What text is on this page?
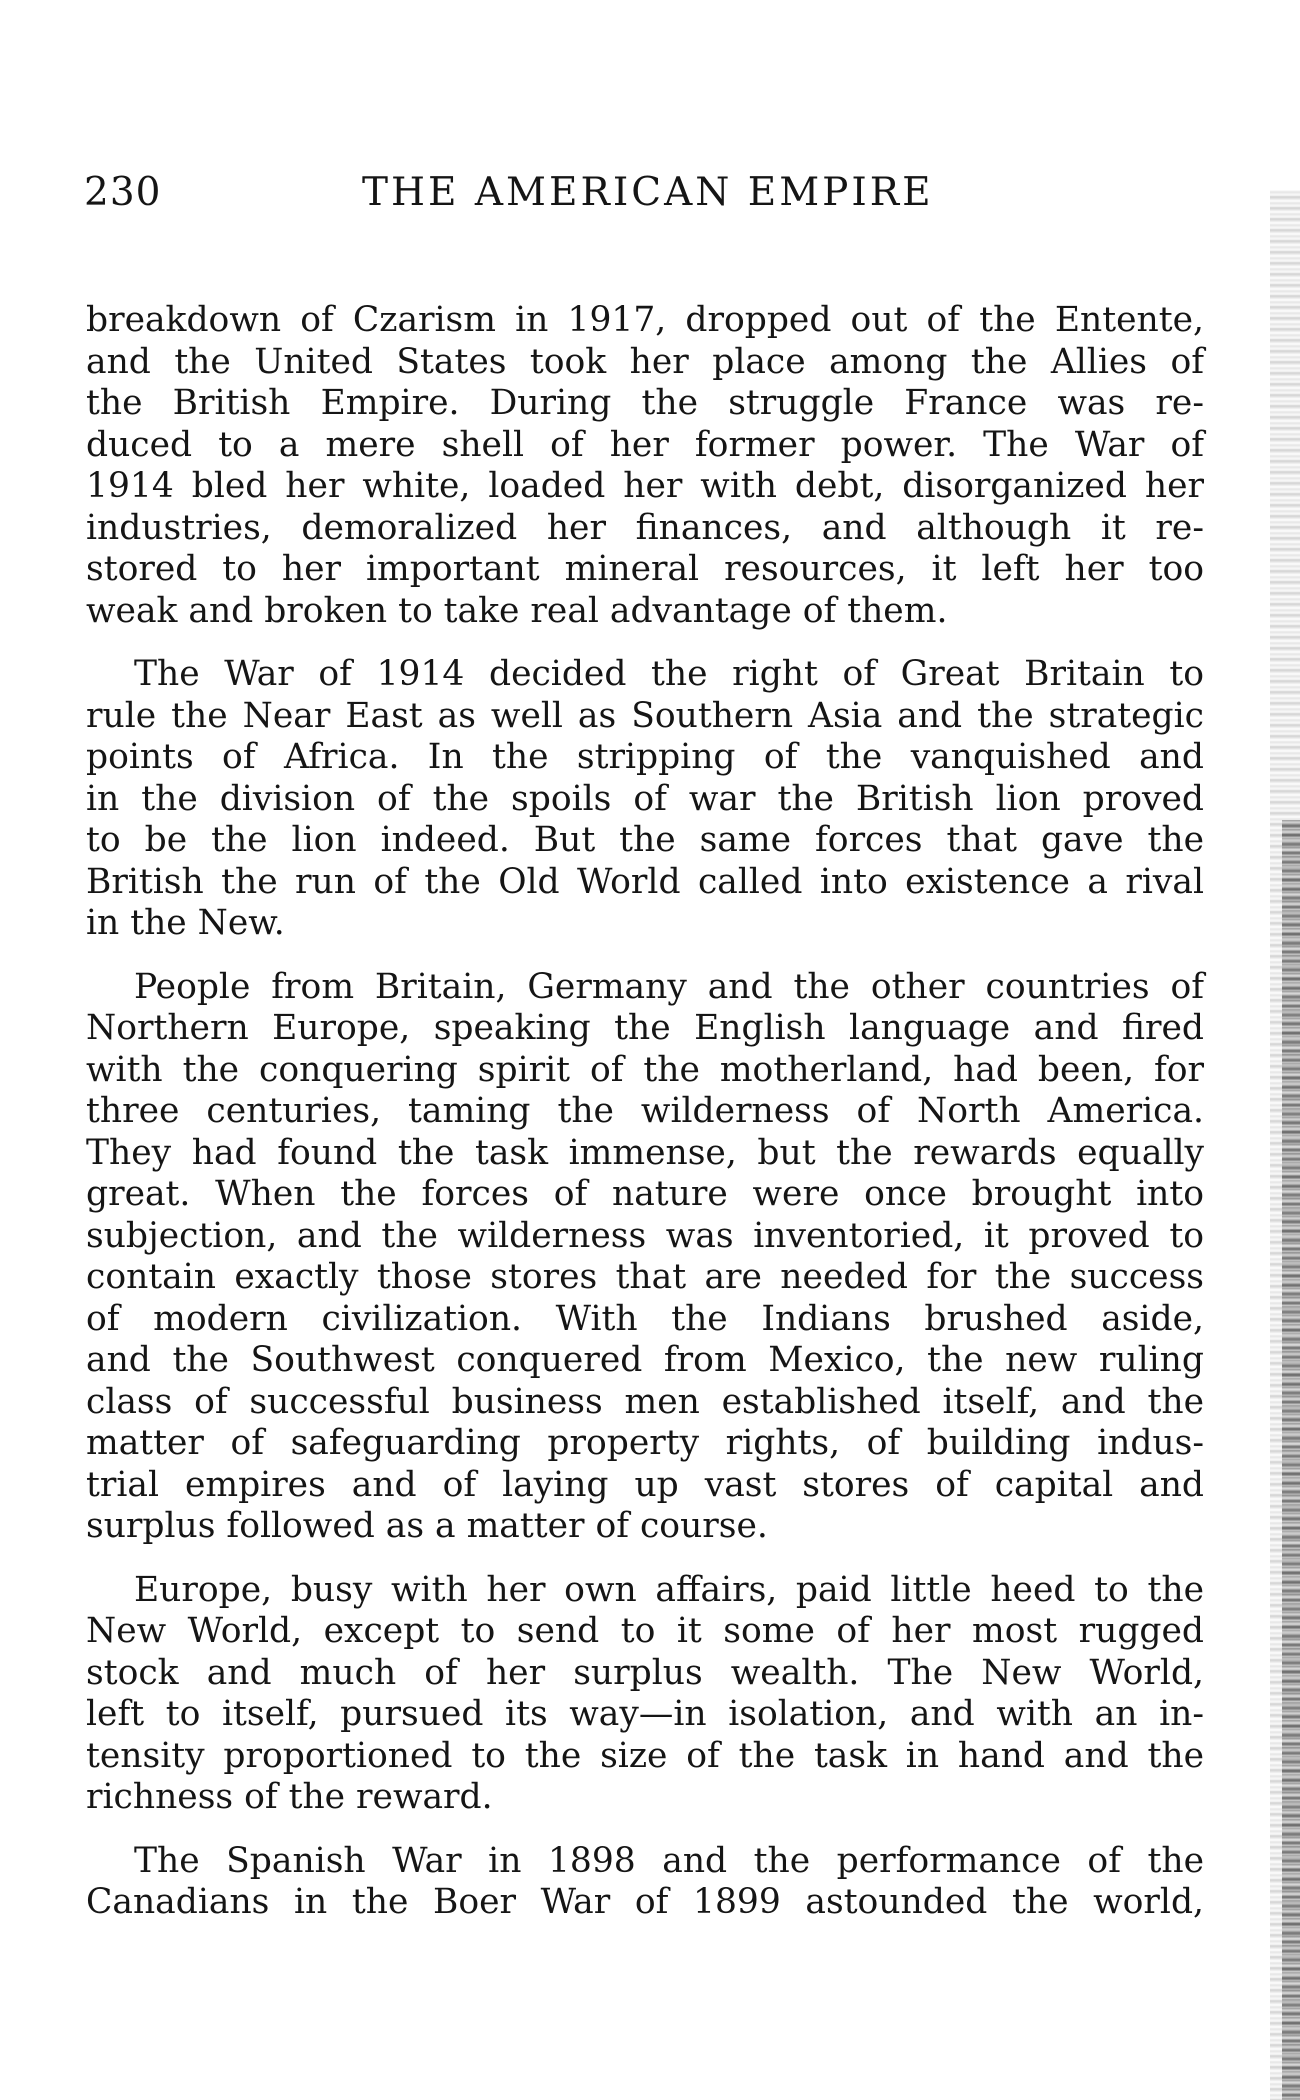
230	THE AMERICAN EMPIRE

breakdown of Czarism in 1917, dropped out of the Entente,
and the United States took her place among the Allies of
the British Empire. During the struggle France was re-
duced to a mere shell of her former power. The War of
1914 bled her white, loaded her with debt, disorganized her
industries, demoralized her finances, and although it re-
stored to her important mineral resources, it left her too
weak and broken to take real advantage of them.

The War of 1914 decided the right of Great Britain to
rule the Near East as well as Southern Asia and the strategic
points of Africa. In the stripping of the vanquished and
in the division of the spoils of war the British lion proved
to be the lion indeed. But the same forces that gave the
British the run of the Old World called into existence a rival
in the New.

People from Britain, Germany and the other countries of
Northern Europe, speaking the English language and fired
with the conquering spirit of the motherland, had been, for
three centuries, taming the wilderness of North America.
They had found the task immense, but the rewards equally
great. When the forces of nature were once brought into
subjection, and the wilderness was inventoried, it proved to
contain exactly those stores that are needed for the success
of modern civilization. With the Indians brushed aside,
and the Southwest conquered from Mexico, the new ruling
class of successful business men established itself, and the
matter of safeguarding property rights, of building indus-
trial empires and of laying up vast stores of capital and
surplus followed as a matter of course.

Europe, busy with her own affairs, paid little heed to the
New World, except to send to it some of her most rugged
stock and much of her surplus wealth. The New World,
left to itself, pursued its way—in isolation, and with an in-
tensity proportioned to the size of the task in hand and the
richness of the reward.

The Spanish War in 1898 and the performance of the
Canadians in the Boer War of 1899 astounded the world,
